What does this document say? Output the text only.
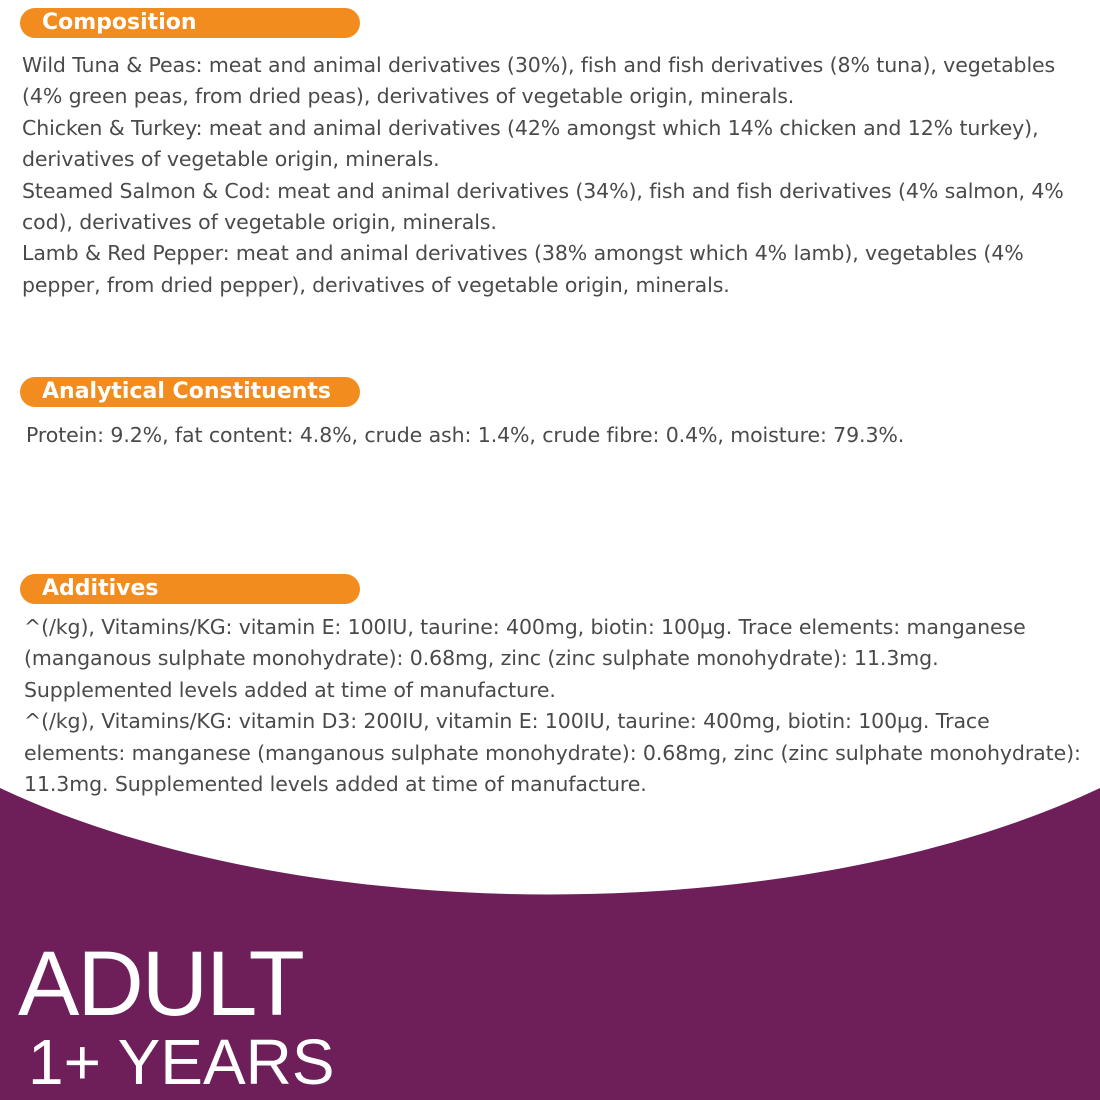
Composition

Wild Tuna & Peas: meat and animal derivatives (30%), fish and fish derivatives (8% tuna), vegetables (4% green peas, from dried peas), derivatives of vegetable origin, minerals.

Chicken & Turkey: meat and animal derivatives (42% amongst which 14% chicken and 12% turkey), derivatives of vegetable origin, minerals.

Steamed Salmon & Cod: meat and animal derivatives (34%), fish and fish derivatives (4% salmon, 4% cod), derivatives of vegetable origin, minerals.

Lamb & Red Pepper: meat and animal derivatives (38% amongst which 4% lamb), vegetables (4% pepper, from dried pepper), derivatives of vegetable origin, minerals.

Analytical Constituents

Protein: 9.2%, fat content: 4.8%, crude ash: 1.4%, crude fibre: 0.4%, moisture: 79.3%.

Additives

^(/kg), Vitamins/KG: vitamin E: 100IU, taurine: 400mg, biotin: 100µg. Trace elements: manganese (manganous sulphate monohydrate): 0.68mg, zinc (zinc sulphate monohydrate): 11.3mg. Supplemented levels added at time of manufacture.

^(/kg), Vitamins/KG: vitamin D3: 200IU, vitamin E: 100IU, taurine: 400mg, biotin: 100µg. Trace elements: manganese (manganous sulphate monohydrate): 0.68mg, zinc (zinc sulphate monohydrate): 11.3mg. Supplemented levels added at time of manufacture.

ADULT
1+ YEARS
